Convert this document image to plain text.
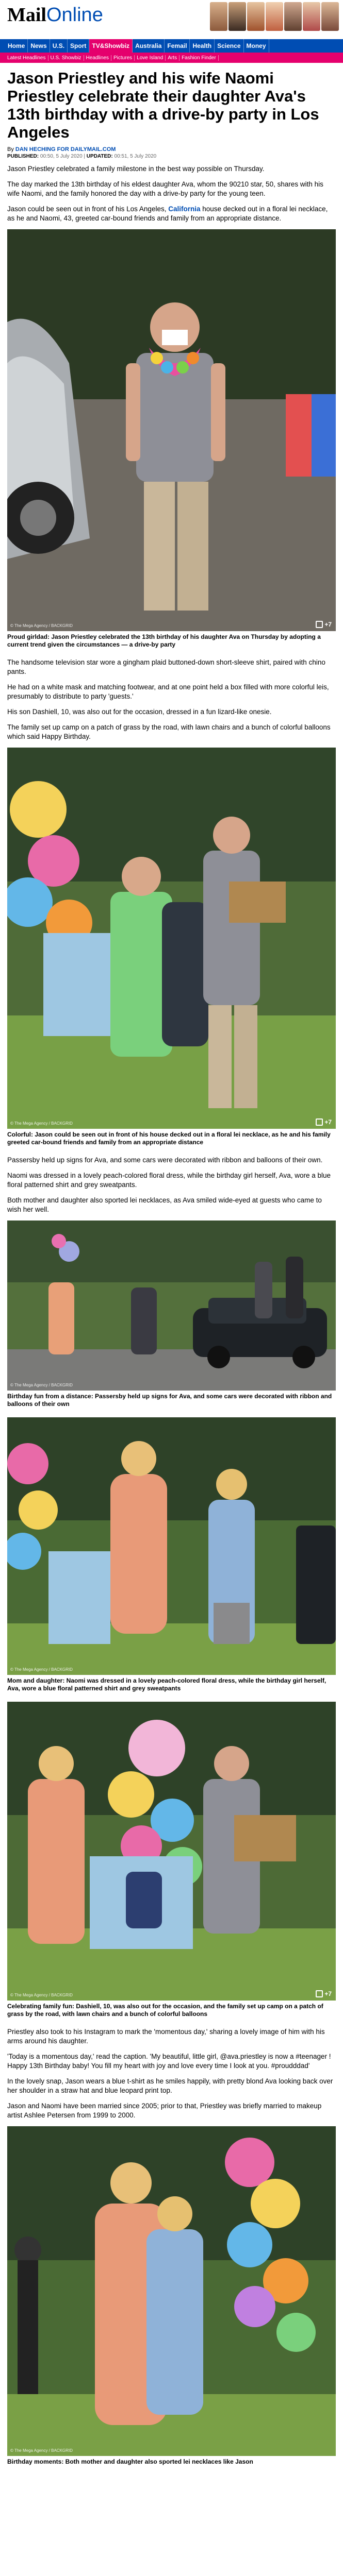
MailOnline
Home News U.S. Sport TV&Showbiz Australia Femail Health Science Money
Latest Headlines U.S. Showbiz Headlines Pictures Love Island Arts Fashion Finder
Jason Priestley and his wife Naomi Priestley celebrate their daughter Ava's 13th birthday with a drive-by party in Los Angeles
By DAN HECHING FOR DAILYMAIL.COM
PUBLISHED: 00:50, 5 July 2020 | UPDATED: 00:51, 5 July 2020

Jason Priestley celebrated a family milestone in the best way possible on Thursday.

The day marked the 13th birthday of his eldest daughter Ava, whom the 90210 star, 50, shares with his wife Naomi, and the family honored the day with a drive-by party for the young teen.

Jason could be seen out in front of his Los Angeles, California house decked out in a floral lei necklace, as he and Naomi, 43, greeted car-bound friends and family from an appropriate distance.

© The Mega Agency / BACKGRID	+7
Proud girldad: Jason Priestley celebrated the 13th birthday of his daughter Ava on Thursday by adopting a current trend given the circumstances — a drive-by party

The handsome television star wore a gingham plaid buttoned-down short-sleeve shirt, paired with chino pants.

He had on a white mask and matching footwear, and at one point held a box filled with more colorful leis, presumably to distribute to party 'guests.'

His son Dashiell, 10, was also out for the occasion, dressed in a fun lizard-like onesie.

The family set up camp on a patch of grass by the road, with lawn chairs and a bunch of colorful balloons which said Happy Birthday.

© The Mega Agency / BACKGRID	+7
Colorful: Jason could be seen out in front of his house decked out in a floral lei necklace, as he and his family greeted car-bound friends and family from an appropriate distance

Passersby held up signs for Ava, and some cars were decorated with ribbon and balloons of their own.

Naomi was dressed in a lovely peach-colored floral dress, while the birthday girl herself, Ava, wore a blue floral patterned shirt and grey sweatpants.

Both mother and daughter also sported lei necklaces, as Ava smiled wide-eyed at guests who came to wish her well.

© The Mega Agency / BACKGRID
Birthday fun from a distance: Passersby held up signs for Ava, and some cars were decorated with ribbon and balloons of their own
© The Mega Agency / BACKGRID
Mom and daughter: Naomi was dressed in a lovely peach-colored floral dress, while the birthday girl herself, Ava, wore a blue floral patterned shirt and grey sweatpants
© The Mega Agency / BACKGRID	+7
Celebrating family fun: Dashiell, 10, was also out for the occasion, and the family set up camp on a patch of grass by the road, with lawn chairs and a bunch of colorful balloons

Priestley also took to his Instagram to mark the 'momentous day,' sharing a lovely image of him with his arms around his daughter.

'Today is a momentous day,' read the caption. 'My beautiful, little girl, @ava.priestley is now a #teenager ! Happy 13th Birthday baby! You fill my heart with joy and love every time I look at you. #proudddad'

In the lovely snap, Jason wears a blue t-shirt as he smiles happily, with pretty blond Ava looking back over her shoulder in a straw hat and blue leopard print top.

Jason and Naomi have been married since 2005; prior to that, Priestley was briefly married to makeup artist Ashlee Petersen from 1999 to 2000.

© The Mega Agency / BACKGRID
Birthday moments: Both mother and daughter also sported lei necklaces like Jason
